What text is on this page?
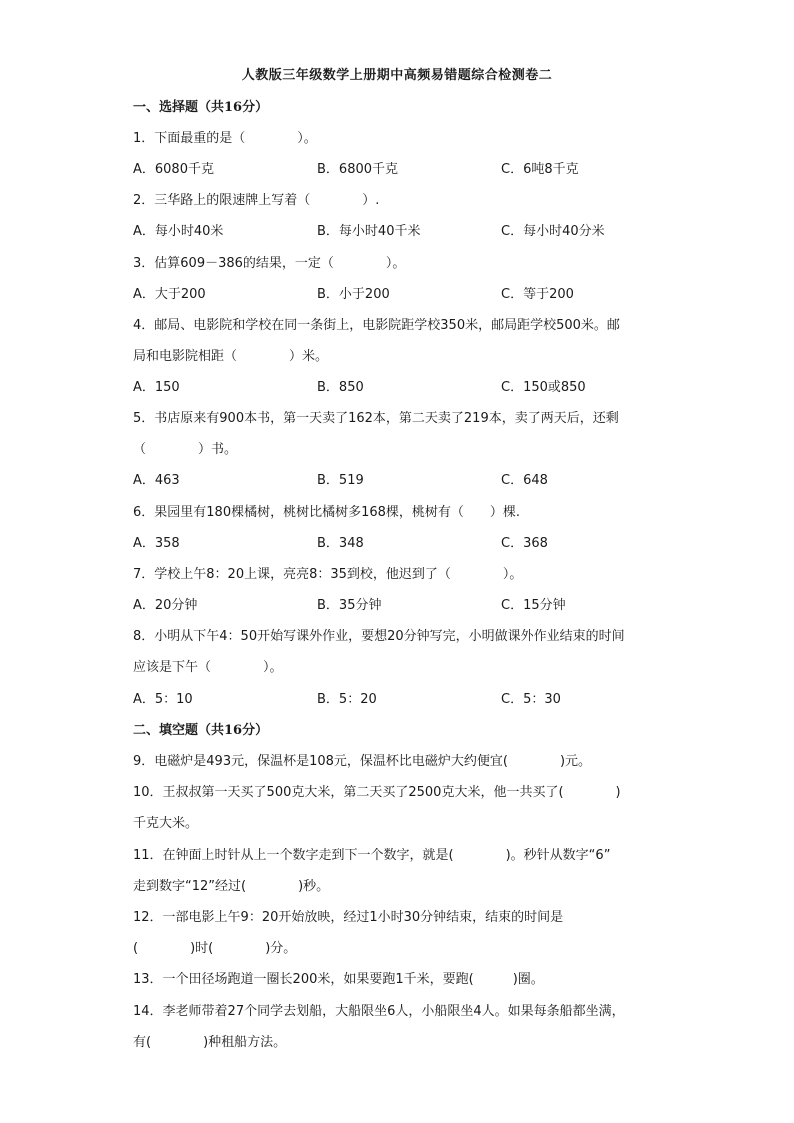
人教版三年级数学上册期中高频易错题综合检测卷二
一、选择题（共16分）
1．下面最重的是（　　　　）。
A．6080千克	B．6800千克	C．6吨8千克
2．三华路上的限速牌上写着（　　　　）.
A．每小时40米	B．每小时40千米	C．每小时40分米
3．估算609－386的结果，一定（　　　　）。
A．大于200	B．小于200	C．等于200
4．邮局、电影院和学校在同一条街上，电影院距学校350米，邮局距学校500米。邮
局和电影院相距（　　　　）米。
A．150	B．850	C．150或850
5．书店原来有900本书，第一天卖了162本，第二天卖了219本，卖了两天后，还剩
（　　　　）书。
A．463	B．519	C．648
6．果园里有180棵橘树，桃树比橘树多168棵，桃树有（　　）棵.
A．358	B．348	C．368
7．学校上午8：20上课，亮亮8：35到校，他迟到了（　　　　）。
A．20分钟	B．35分钟	C．15分钟
8．小明从下午4：50开始写课外作业，要想20分钟写完，小明做课外作业结束的时间
应该是下午（　　　　）。
A．5：10	B．5：20	C．5：30
二、填空题（共16分）
9．电磁炉是493元，保温杯是108元，保温杯比电磁炉大约便宜(　　　　)元。
10．王叔叔第一天买了500克大米，第二天买了2500克大米，他一共买了(　　　　)
千克大米。
11．在钟面上时针从上一个数字走到下一个数字，就是(　　　　)。秒针从数字“6”
走到数字“12”经过(　　　　)秒。
12．一部电影上午9：20开始放映，经过1小时30分钟结束，结束的时间是
(　　　　)时(　　　　)分。
13．一个田径场跑道一圈长200米，如果要跑1千米，要跑(　　　)圈。
14．李老师带着27个同学去划船，大船限坐6人，小船限坐4人。如果每条船都坐满，
有(　　　　)种租船方法。
